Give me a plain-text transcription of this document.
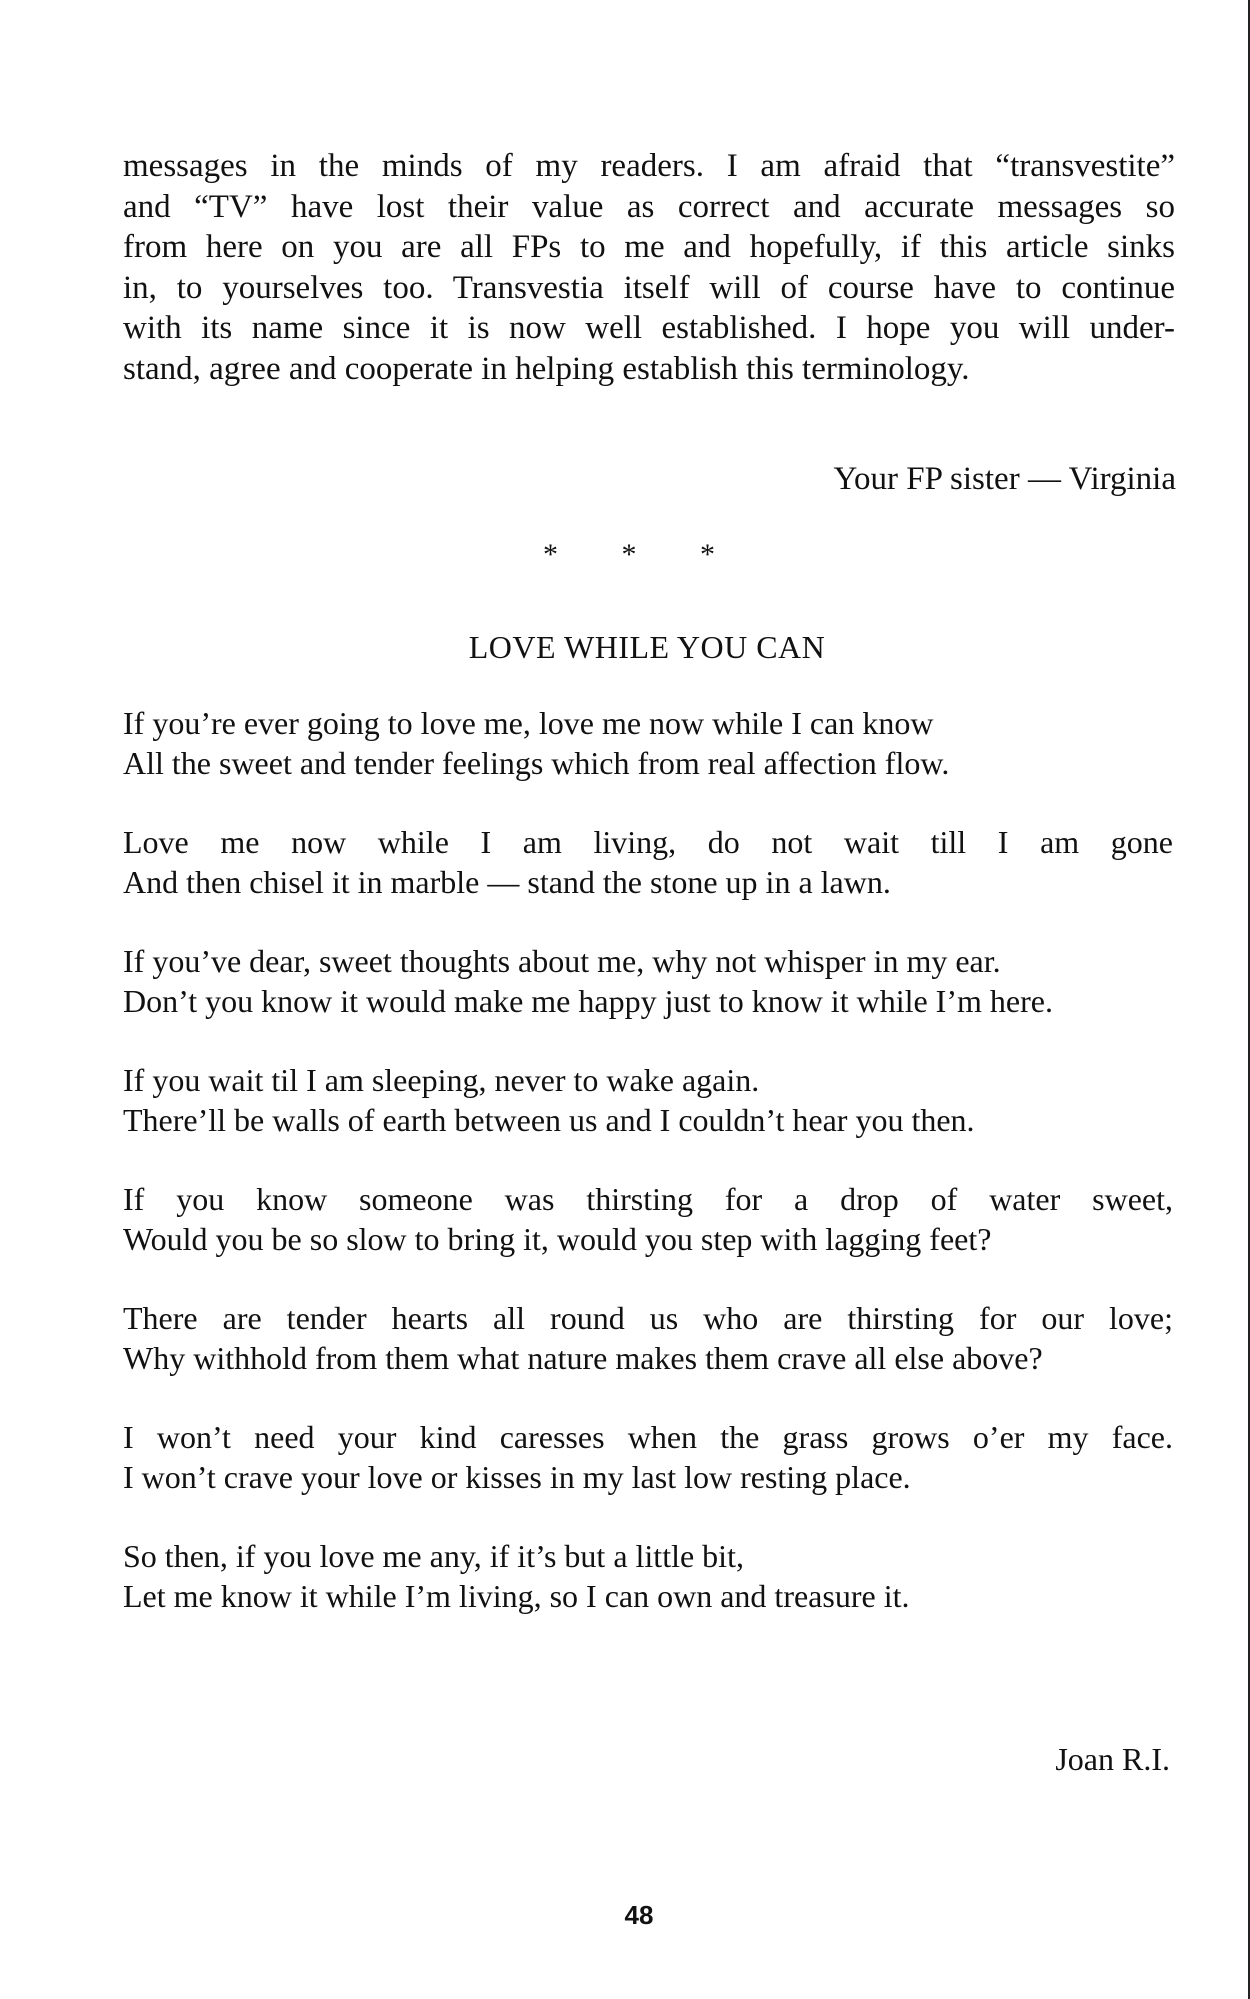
messages in the minds of my readers. I am afraid that “transvestite”
and “TV” have lost their value as correct and accurate messages so
from here on you are all FPs to me and hopefully, if this article sinks
in, to yourselves too. Transvestia itself will of course have to continue
with its name since it is now well established. I hope you will under-
stand, agree and cooperate in helping establish this terminology.
Your FP sister — Virginia
* * *
LOVE WHILE YOU CAN
If you’re ever going to love me, love me now while I can know
All the sweet and tender feelings which from real affection flow.
Love me now while I am living, do not wait till I am gone
And then chisel it in marble — stand the stone up in a lawn.
If you’ve dear, sweet thoughts about me, why not whisper in my ear.
Don’t you know it would make me happy just to know it while I’m here.
If you wait til I am sleeping, never to wake again.
There’ll be walls of earth between us and I couldn’t hear you then.
If you know someone was thirsting for a drop of water sweet,
Would you be so slow to bring it, would you step with lagging feet?
There are tender hearts all round us who are thirsting for our love;
Why withhold from them what nature makes them crave all else above?
I won’t need your kind caresses when the grass grows o’er my face.
I won’t crave your love or kisses in my last low resting place.
So then, if you love me any, if it’s but a little bit,
Let me know it while I’m living, so I can own and treasure it.
Joan R.I.
48
